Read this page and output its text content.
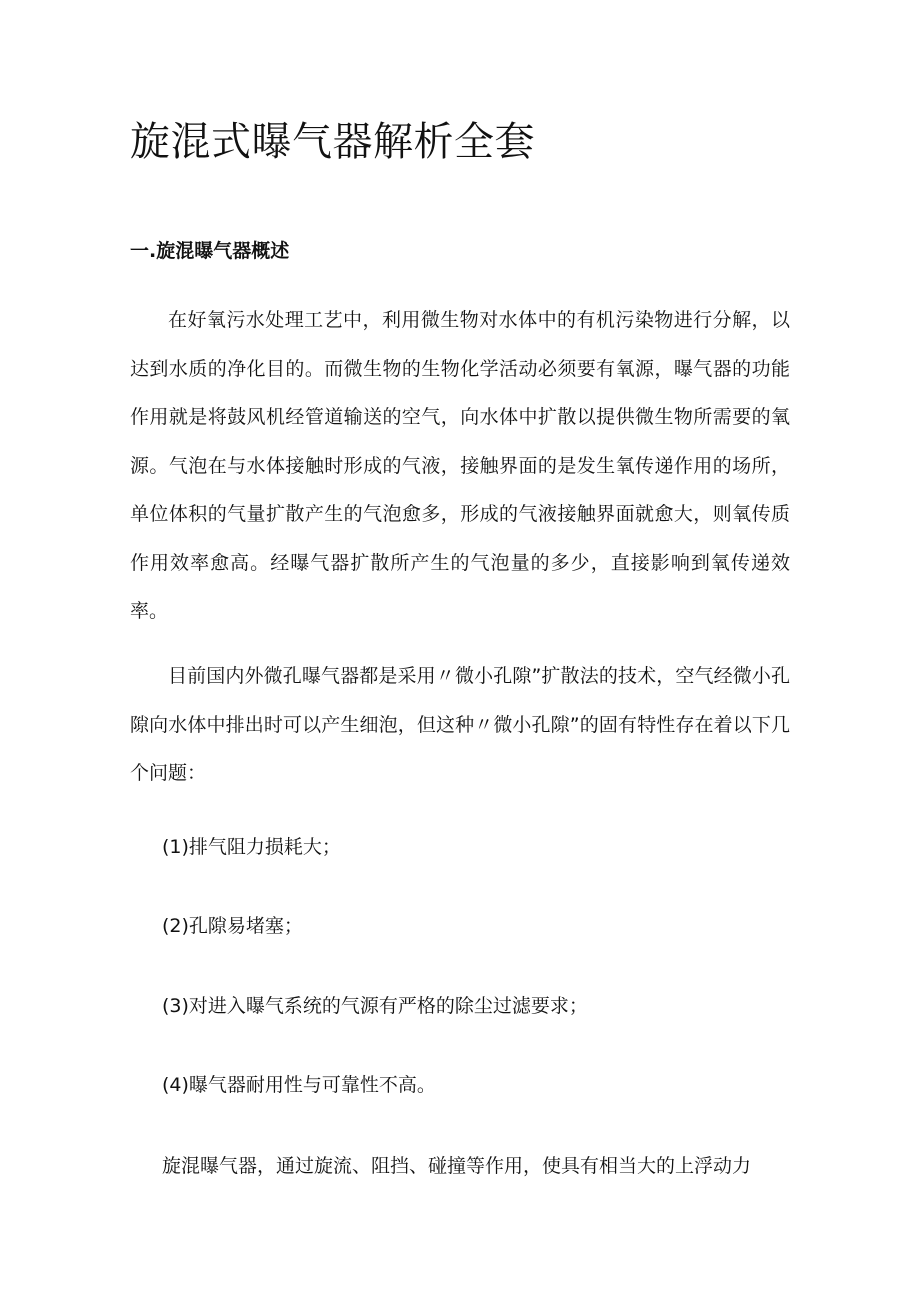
旋混式曝气器解析全套
一.旋混曝气器概述

在好氧污水处理工艺中，利用微生物对水体中的有机污染物进行分解，以达到水质的净化目的。而微生物的生物化学活动必须要有氧源，曝气器的功能作用就是将鼓风机经管道输送的空气，向水体中扩散以提供微生物所需要的氧源。气泡在与水体接触时形成的气液，接触界面的是发生氧传递作用的场所，单位体积的气量扩散产生的气泡愈多，形成的气液接触界面就愈大，则氧传质作用效率愈高。经曝气器扩散所产生的气泡量的多少，直接影响到氧传递效率。

目前国内外微孔曝气器都是采用〃微小孔隙”扩散法的技术，空气经微小孔隙向水体中排出时可以产生细泡，但这种〃微小孔隙”的固有特性存在着以下几个问题：

(1)排气阻力损耗大；

(2)孔隙易堵塞；

(3)对进入曝气系统的气源有严格的除尘过滤要求；

(4)曝气器耐用性与可靠性不高。

旋混曝气器，通过旋流、阻挡、碰撞等作用，使具有相当大的上浮动力
